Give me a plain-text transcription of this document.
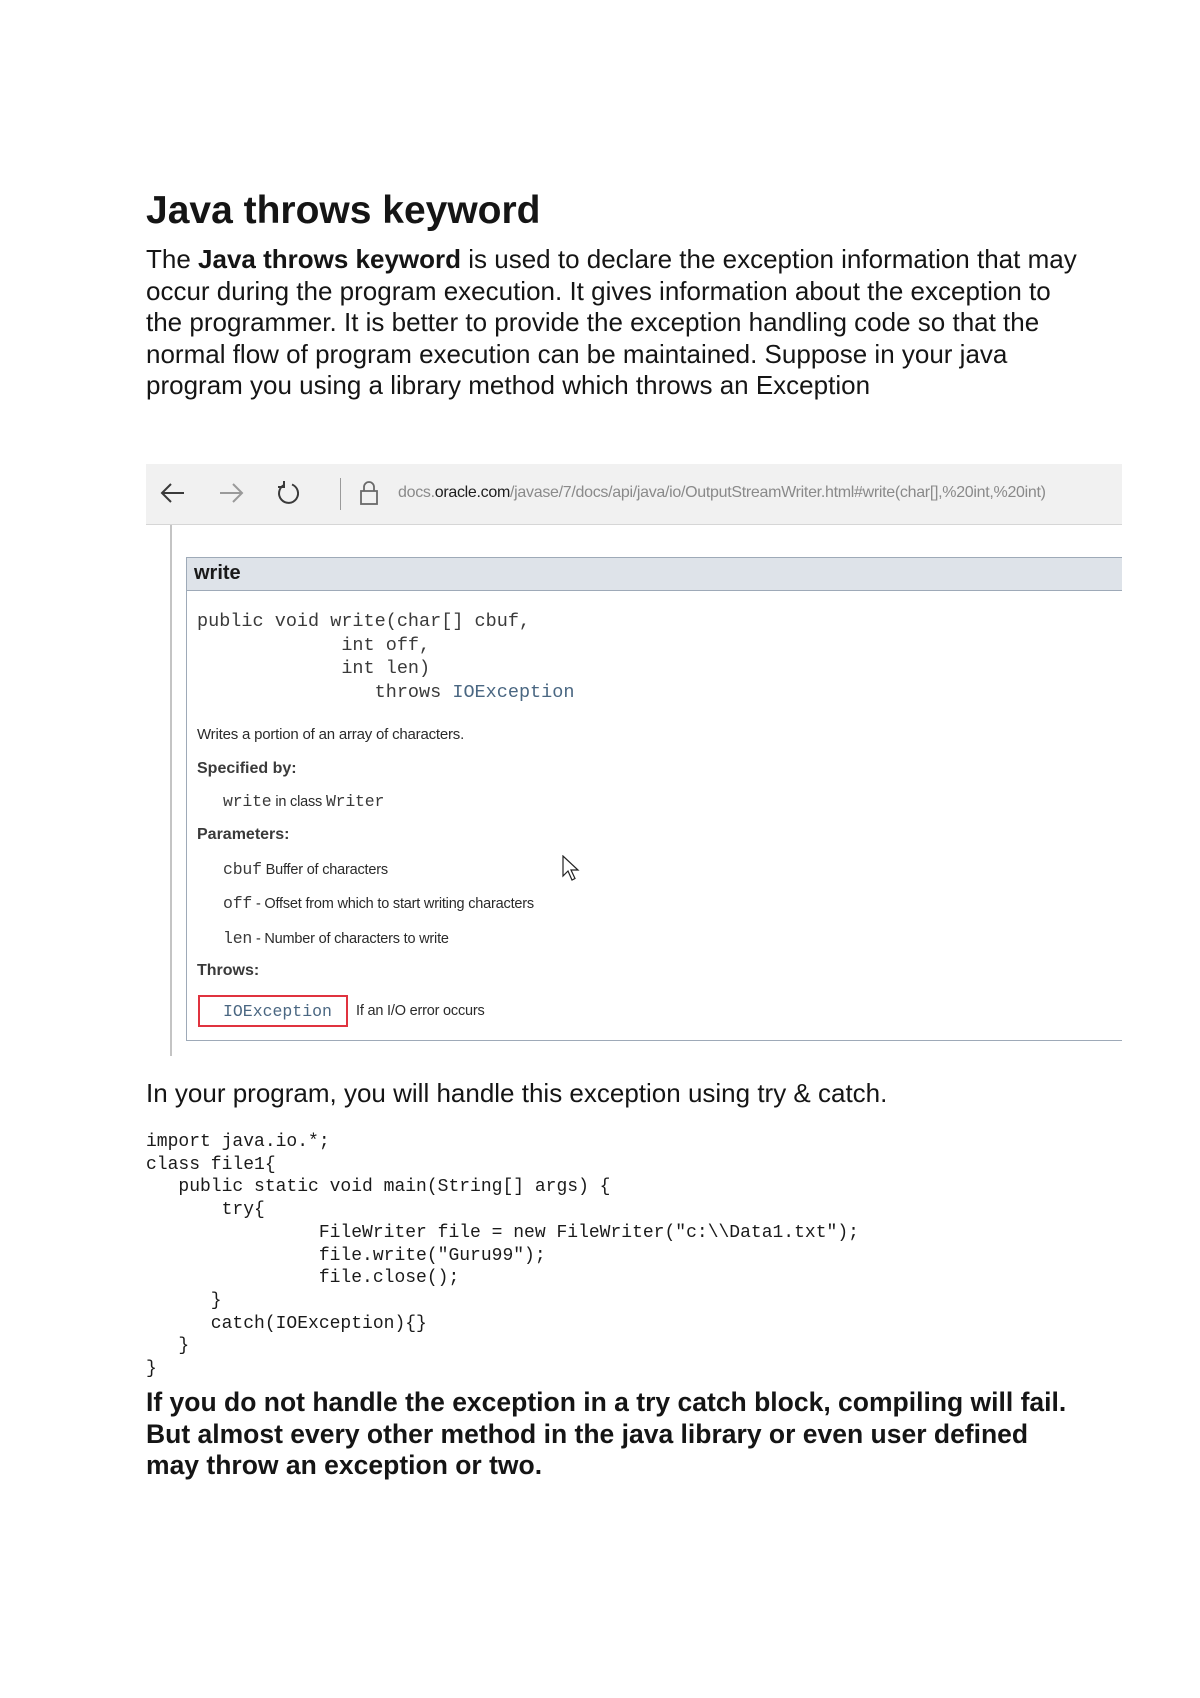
Java throws keyword

The Java throws keyword is used to declare the exception information that may occur during the program execution. It gives information about the exception to the programmer. It is better to provide the exception handling code so that the normal flow of program execution can be maintained. Suppose in your java program you using a library method which throws an Exception

docs.oracle.com/javase/7/docs/api/java/io/OutputStreamWriter.html#write(char[],%20int,%20int)
write
public void write(char[] cbuf,
int off,
int len)
throws IOException
Writes a portion of an array of characters.
Specified by:
write in class Writer
Parameters:
cbuf Buffer of characters
off - Offset from which to start writing characters
len - Number of characters to write
Throws:
IOException If an I/O error occurs

In your program, you will handle this exception using try & catch.

import java.io.*;
class file1{
public static void main(String[] args) {
try{
FileWriter file = new FileWriter("c:\\Data1.txt");
file.write("Guru99");
file.close();
}
catch(IOException){}
}
}

If you do not handle the exception in a try catch block, compiling will fail. But almost every other method in the java library or even user defined may throw an exception or two.
